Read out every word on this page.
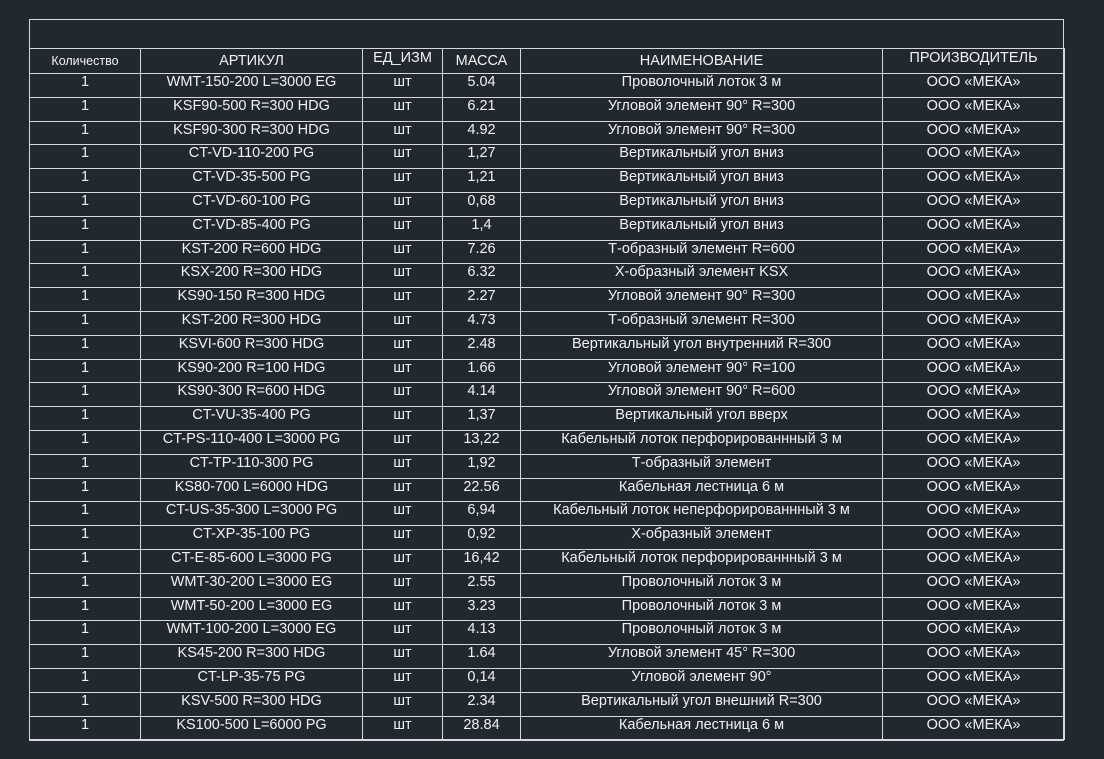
Количество	АРТИКУЛ	ЕД_ИЗМ	МАССА	НАИМЕНОВАНИЕ	ПРОИЗВОДИТЕЛЬ
1	WMT-150-200 L=3000 EG	шт	5.04	Проволочный лоток 3 м	ООО «МЕКА»
1	KSF90-500 R=300 HDG	шт	6.21	Угловой элемент 90° R=300	ООО «МЕКА»
1	KSF90-300 R=300 HDG	шт	4.92	Угловой элемент 90° R=300	ООО «МЕКА»
1	CT-VD-110-200 PG	шт	1,27	Вертикальный угол вниз	ООО «МЕКА»
1	CT-VD-35-500 PG	шт	1,21	Вертикальный угол вниз	ООО «МЕКА»
1	CT-VD-60-100 PG	шт	0,68	Вертикальный угол вниз	ООО «МЕКА»
1	CT-VD-85-400 PG	шт	1,4	Вертикальный угол вниз	ООО «МЕКА»
1	KST-200 R=600 HDG	шт	7.26	Т-образный элемент R=600	ООО «МЕКА»
1	KSX-200 R=300 HDG	шт	6.32	Х-образный элемент KSX	ООО «МЕКА»
1	KS90-150 R=300 HDG	шт	2.27	Угловой элемент 90° R=300	ООО «МЕКА»
1	KST-200 R=300 HDG	шт	4.73	Т-образный элемент R=300	ООО «МЕКА»
1	KSVI-600 R=300 HDG	шт	2.48	Вертикальный угол внутренний R=300	ООО «МЕКА»
1	KS90-200 R=100 HDG	шт	1.66	Угловой элемент 90° R=100	ООО «МЕКА»
1	KS90-300 R=600 HDG	шт	4.14	Угловой элемент 90° R=600	ООО «МЕКА»
1	CT-VU-35-400 PG	шт	1,37	Вертикальный угол вверх	ООО «МЕКА»
1	CT-PS-110-400 L=3000 PG	шт	13,22	Кабельный лоток перфорированнный 3 м	ООО «МЕКА»
1	CT-TP-110-300 PG	шт	1,92	Т-образный элемент	ООО «МЕКА»
1	KS80-700 L=6000 HDG	шт	22.56	Кабельная лестница 6 м	ООО «МЕКА»
1	CT-US-35-300 L=3000 PG	шт	6,94	Кабельный лоток неперфорированнный 3 м	ООО «МЕКА»
1	CT-XP-35-100 PG	шт	0,92	Х-образный элемент	ООО «МЕКА»
1	CT-E-85-600 L=3000 PG	шт	16,42	Кабельный лоток перфорированнный 3 м	ООО «МЕКА»
1	WMT-30-200 L=3000 EG	шт	2.55	Проволочный лоток 3 м	ООО «МЕКА»
1	WMT-50-200 L=3000 EG	шт	3.23	Проволочный лоток 3 м	ООО «МЕКА»
1	WMT-100-200 L=3000 EG	шт	4.13	Проволочный лоток 3 м	ООО «МЕКА»
1	KS45-200 R=300 HDG	шт	1.64	Угловой элемент 45° R=300	ООО «МЕКА»
1	CT-LP-35-75 PG	шт	0,14	Угловой элемент 90°	ООО «МЕКА»
1	KSV-500 R=300 HDG	шт	2.34	Вертикальный угол внешний R=300	ООО «МЕКА»
1	KS100-500 L=6000 PG	шт	28.84	Кабельная лестница 6 м	ООО «МЕКА»
